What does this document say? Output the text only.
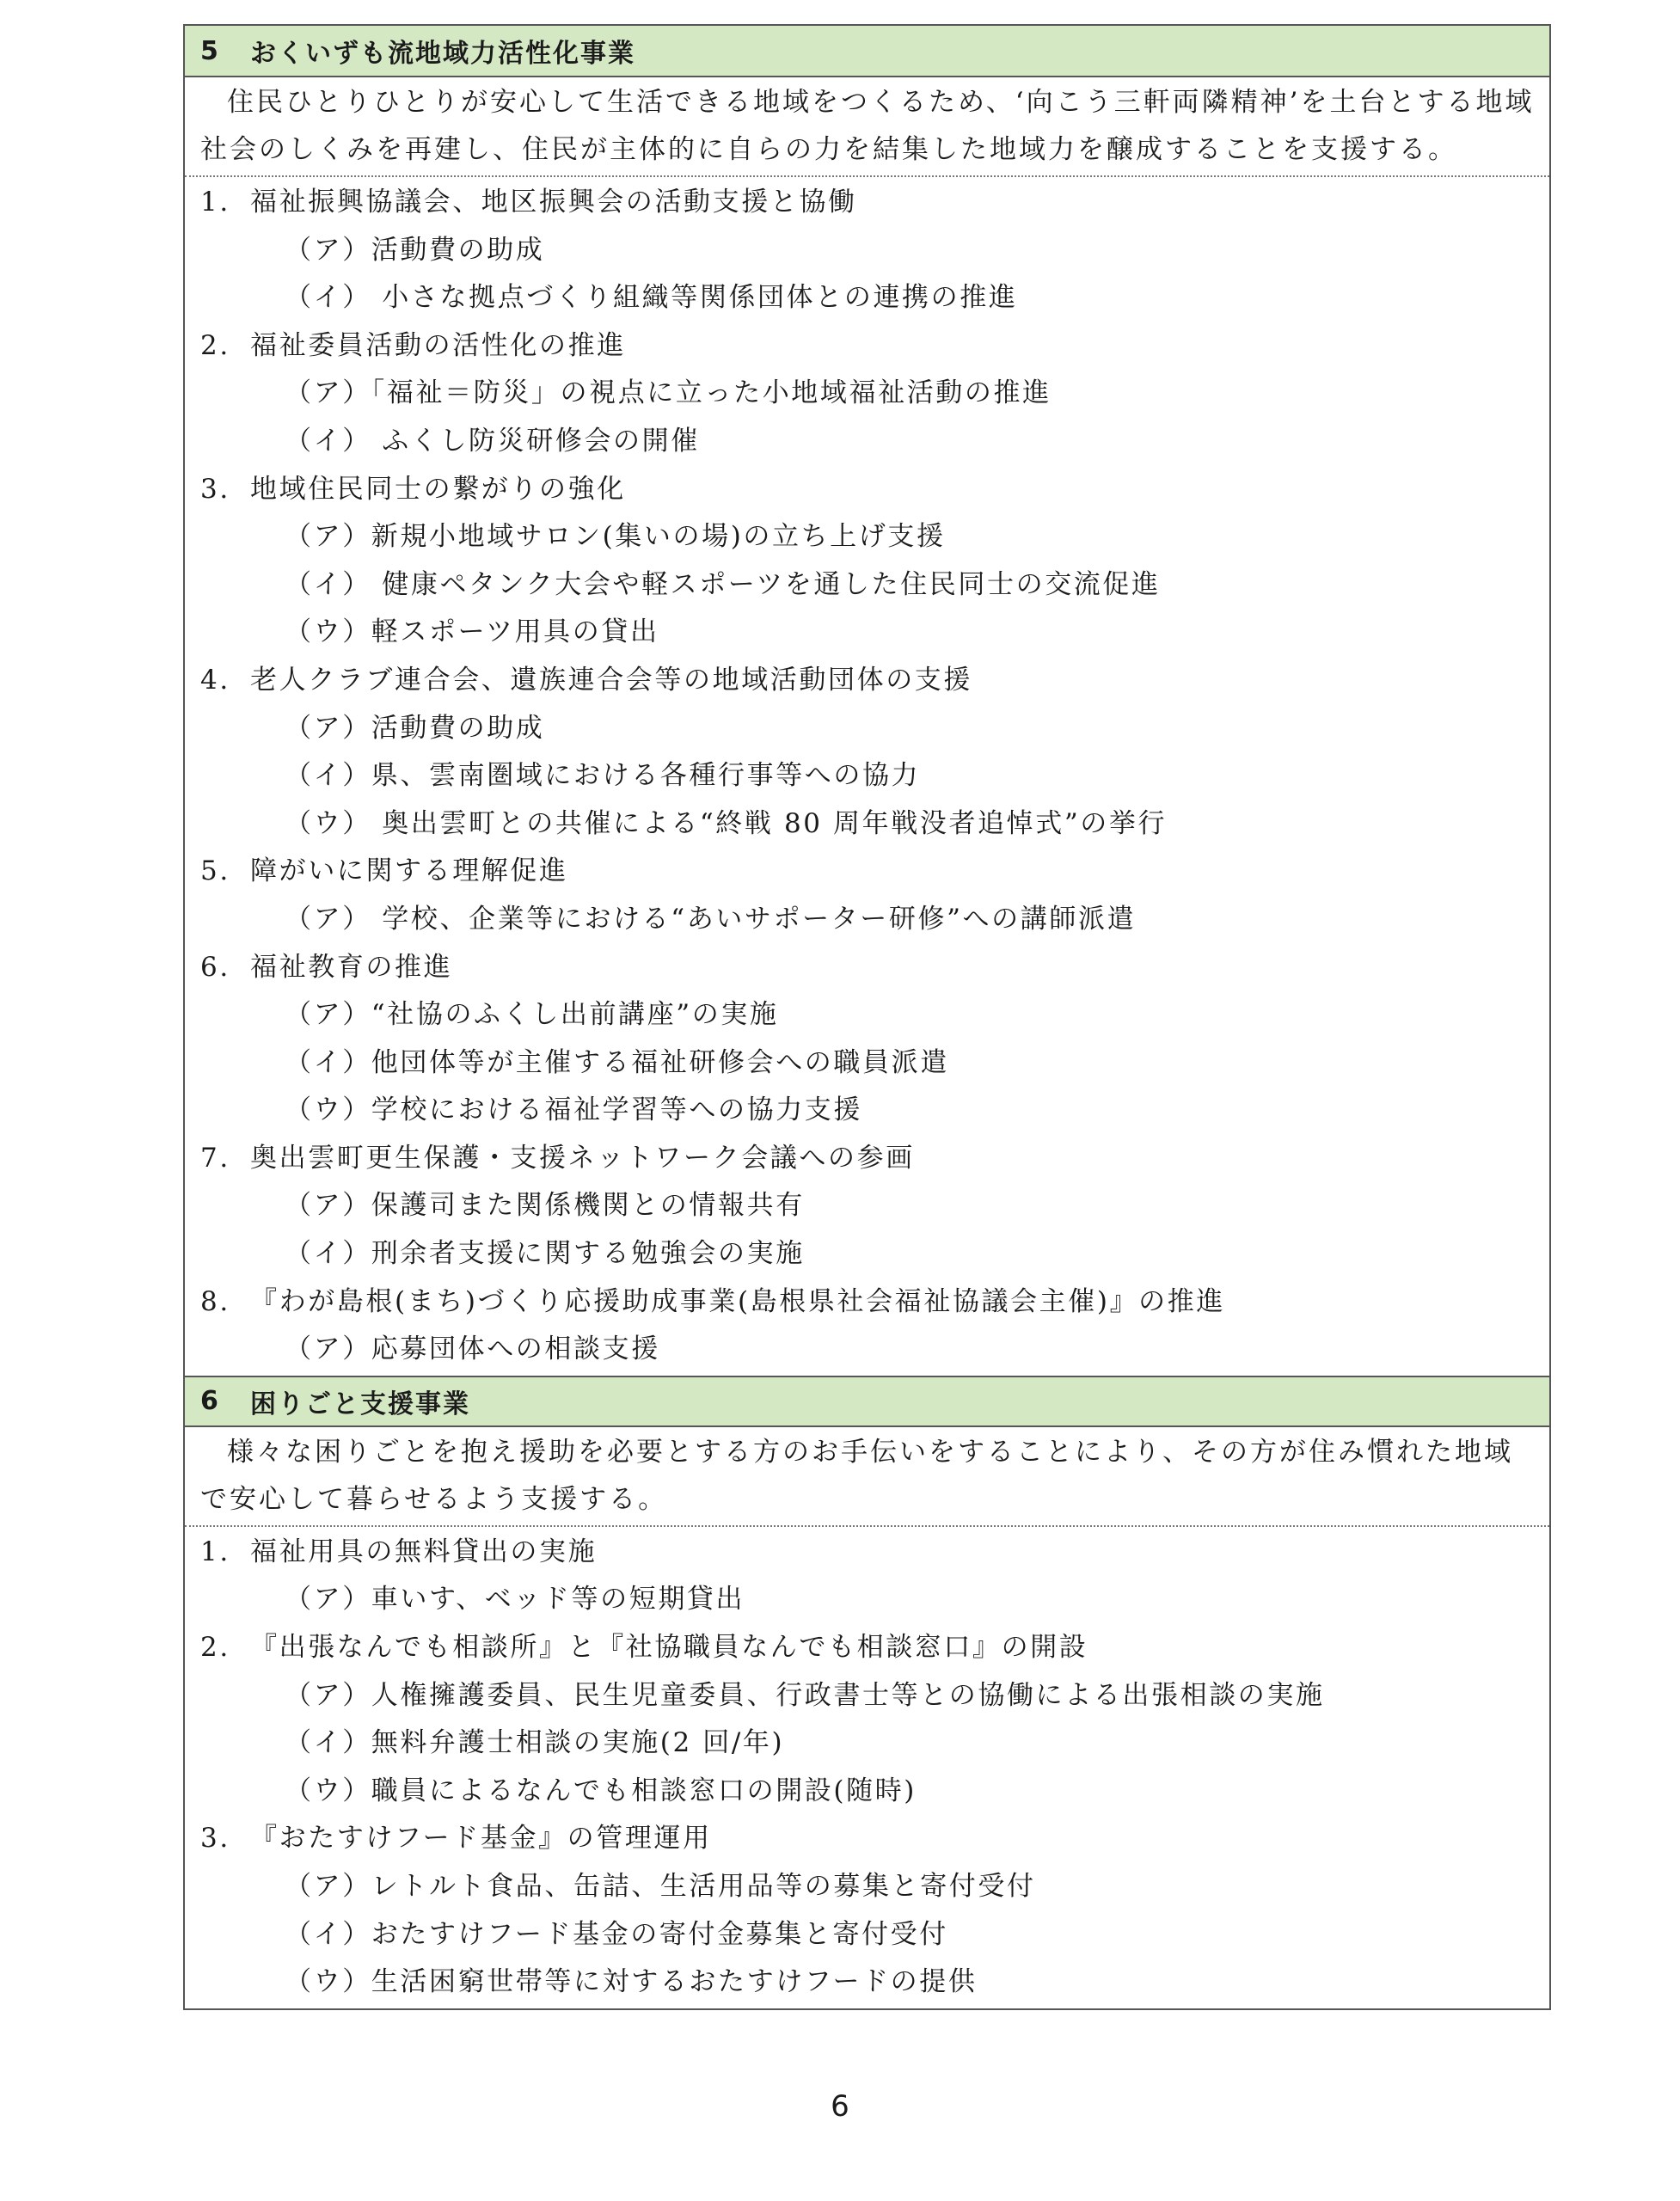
5	おくいずも流地域力活性化事業
住民ひとりひとりが安心して生活できる地域をつくるため、‘向こう三軒両隣精神’を土台とする地域社会のしくみを再建し、住民が主体的に自らの力を結集した地域力を醸成することを支援する。
1. 福祉振興協議会、地区振興会の活動支援と協働
（ア）活動費の助成
（イ） 小さな拠点づくり組織等関係団体との連携の推進
2. 福祉委員活動の活性化の推進
（ア）「福祉＝防災」の視点に立った小地域福祉活動の推進
（イ） ふくし防災研修会の開催
3. 地域住民同士の繋がりの強化
（ア）新規小地域サロン(集いの場)の立ち上げ支援
（イ） 健康ペタンク大会や軽スポーツを通した住民同士の交流促進
（ウ）軽スポーツ用具の貸出
4. 老人クラブ連合会、遺族連合会等の地域活動団体の支援
（ア）活動費の助成
（イ）県、雲南圏域における各種行事等への協力
（ウ） 奥出雲町との共催による“終戦 80 周年戦没者追悼式”の挙行
5. 障がいに関する理解促進
（ア） 学校、企業等における“あいサポーター研修”への講師派遣
6. 福祉教育の推進
（ア）“社協のふくし出前講座”の実施
（イ）他団体等が主催する福祉研修会への職員派遣
（ウ）学校における福祉学習等への協力支援
7. 奥出雲町更生保護・支援ネットワーク会議への参画
（ア）保護司また関係機関との情報共有
（イ）刑余者支援に関する勉強会の実施
8. 『わが島根(まち)づくり応援助成事業(島根県社会福祉協議会主催)』の推進
（ア）応募団体への相談支援
6	困りごと支援事業
様々な困りごとを抱え援助を必要とする方のお手伝いをすることにより、その方が住み慣れた地域で安心して暮らせるよう支援する。
1. 福祉用具の無料貸出の実施
（ア）車いす、ベッド等の短期貸出
2. 『出張なんでも相談所』と『社協職員なんでも相談窓口』の開設
（ア）人権擁護委員、民生児童委員、行政書士等との協働による出張相談の実施
（イ）無料弁護士相談の実施(2 回/年)
（ウ）職員によるなんでも相談窓口の開設(随時)
3. 『おたすけフード基金』の管理運用
（ア）レトルト食品、缶詰、生活用品等の募集と寄付受付
（イ）おたすけフード基金の寄付金募集と寄付受付
（ウ）生活困窮世帯等に対するおたすけフードの提供
6
